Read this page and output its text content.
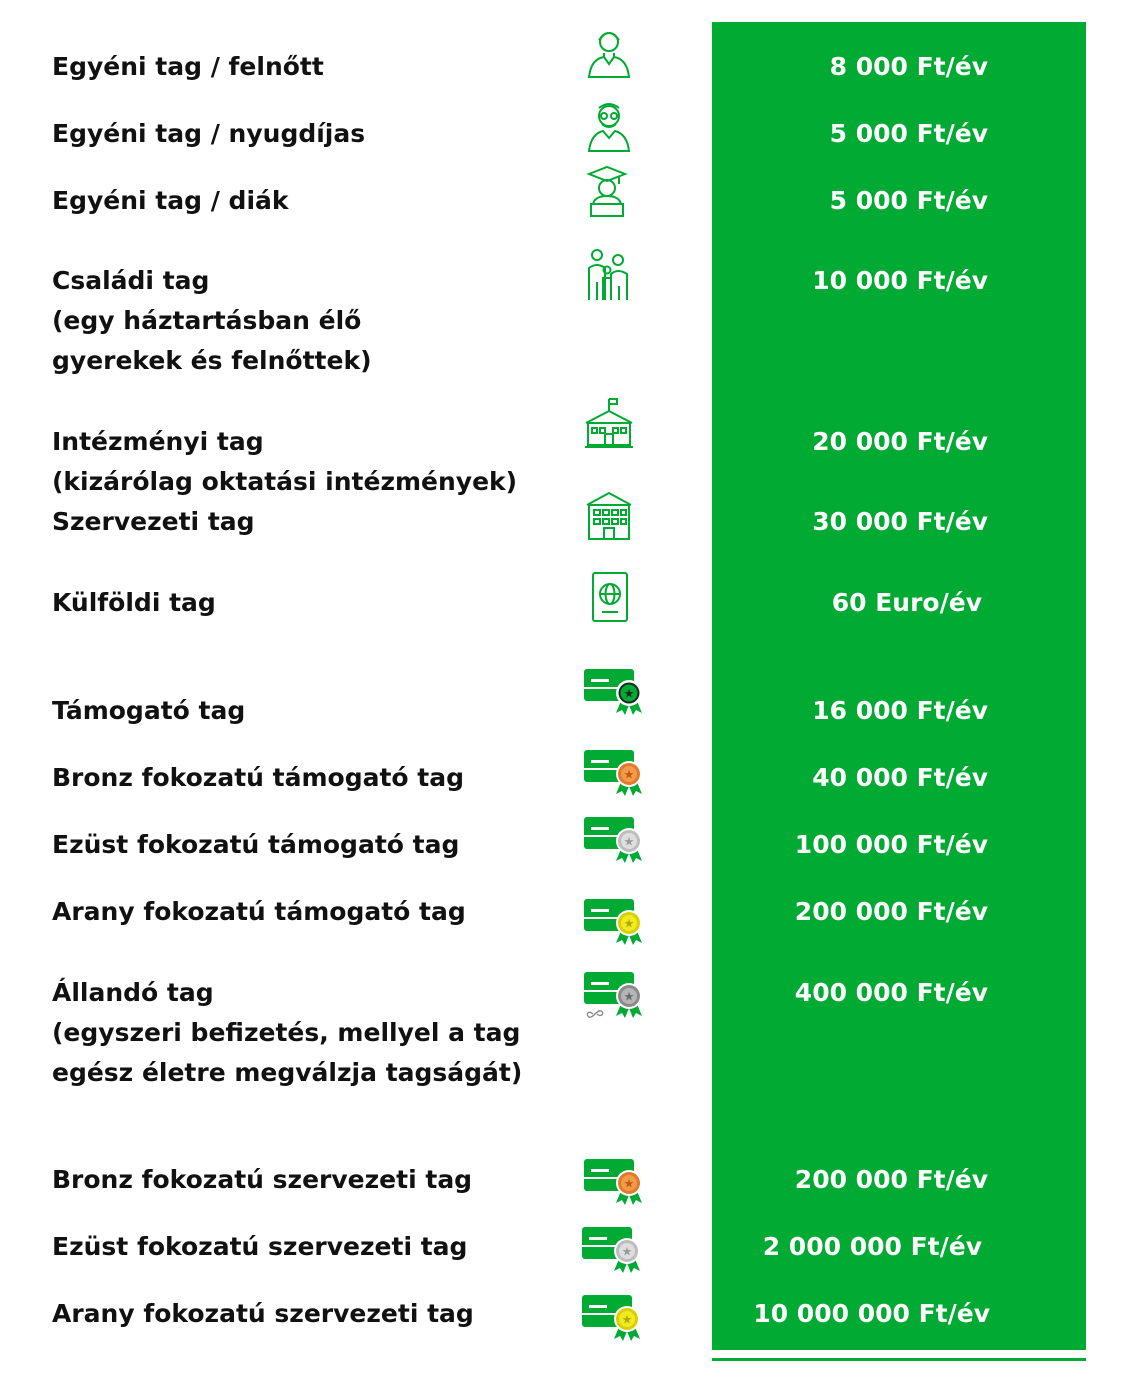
Egyéni tag / felnőtt	8 000 Ft/év
Egyéni tag / nyugdíjas	5 000 Ft/év
Egyéni tag / diák	5 000 Ft/év
Családi tag
(egy háztartásban élő
gyerekek és felnőttek)
10 000 Ft/év
Intézményi tag
(kizárólag oktatási intézmények)
20 000 Ft/év
Szervezeti tag	30 000 Ft/év
Külföldi tag	60 Euro/év
Támogató tag
★
16 000 Ft/év
Bronz fokozatú támogató tag	★	40 000 Ft/év
Ezüst fokozatú támogató tag	★	100 000 Ft/év
Arany fokozatú támogató tag	★	200 000 Ft/év
Állandó tag
(egyszeri befizetés, mellyel a tag
egész életre megválzja tagságát)
★	400 000 Ft/év
Bronz fokozatú szervezeti tag	★	200 000 Ft/év
Ezüst fokozatú szervezeti tag	★	2 000 000 Ft/év
Arany fokozatú szervezeti tag	★	10 000 000 Ft/év
